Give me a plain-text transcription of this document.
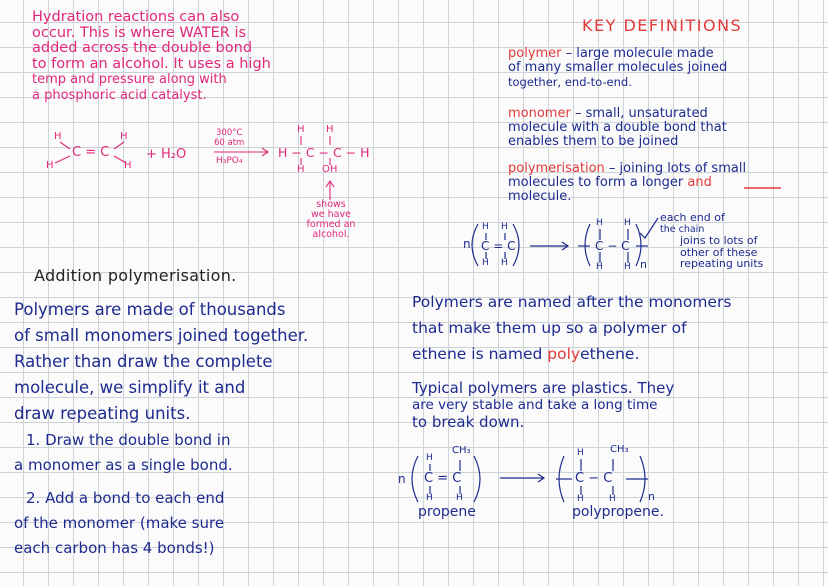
Hydration reactions can also
occur. This is where WATER is
added across the double bond
to form an alcohol. It uses a high
temp and pressure along with
a phosphoric acid catalyst.
H	H
H	H
C = C	+ H₂O
300°C
60 atm
H₃PO₄
H H
H − C − C − H
H OH
shows
we have
formed an
alcohol.
KEY DEFINITIONS
polymer – large molecule made
of many smaller molecules joined
together, end-to-end.
monomer – small, unsaturated
molecule with a double bond that
enables them to be joined
polymerisation – joining lots of small
molecules to form a longer and
molecule.
n
H H
C = C
H H
H H
C − C
H H n
each end of
the chain
joins to lots of
other of these
repeating units
Addition polymerisation.
Polymers are made of thousands
of small monomers joined together.
Rather than draw the complete
molecule, we simplify it and
draw repeating units.
1. Draw the double bond in
a monomer as a single bond.
2. Add a bond to each end
of the monomer (make sure
each carbon has 4 bonds!)
Polymers are named after the monomers
that make them up so a polymer of
ethene is named polyethene.
Typical polymers are plastics. They
are very stable and take a long time
to break down.
n
CH₃
H
C = C
H	H
CH₃
H
C − C
H	H	n
propene	polypropene.
